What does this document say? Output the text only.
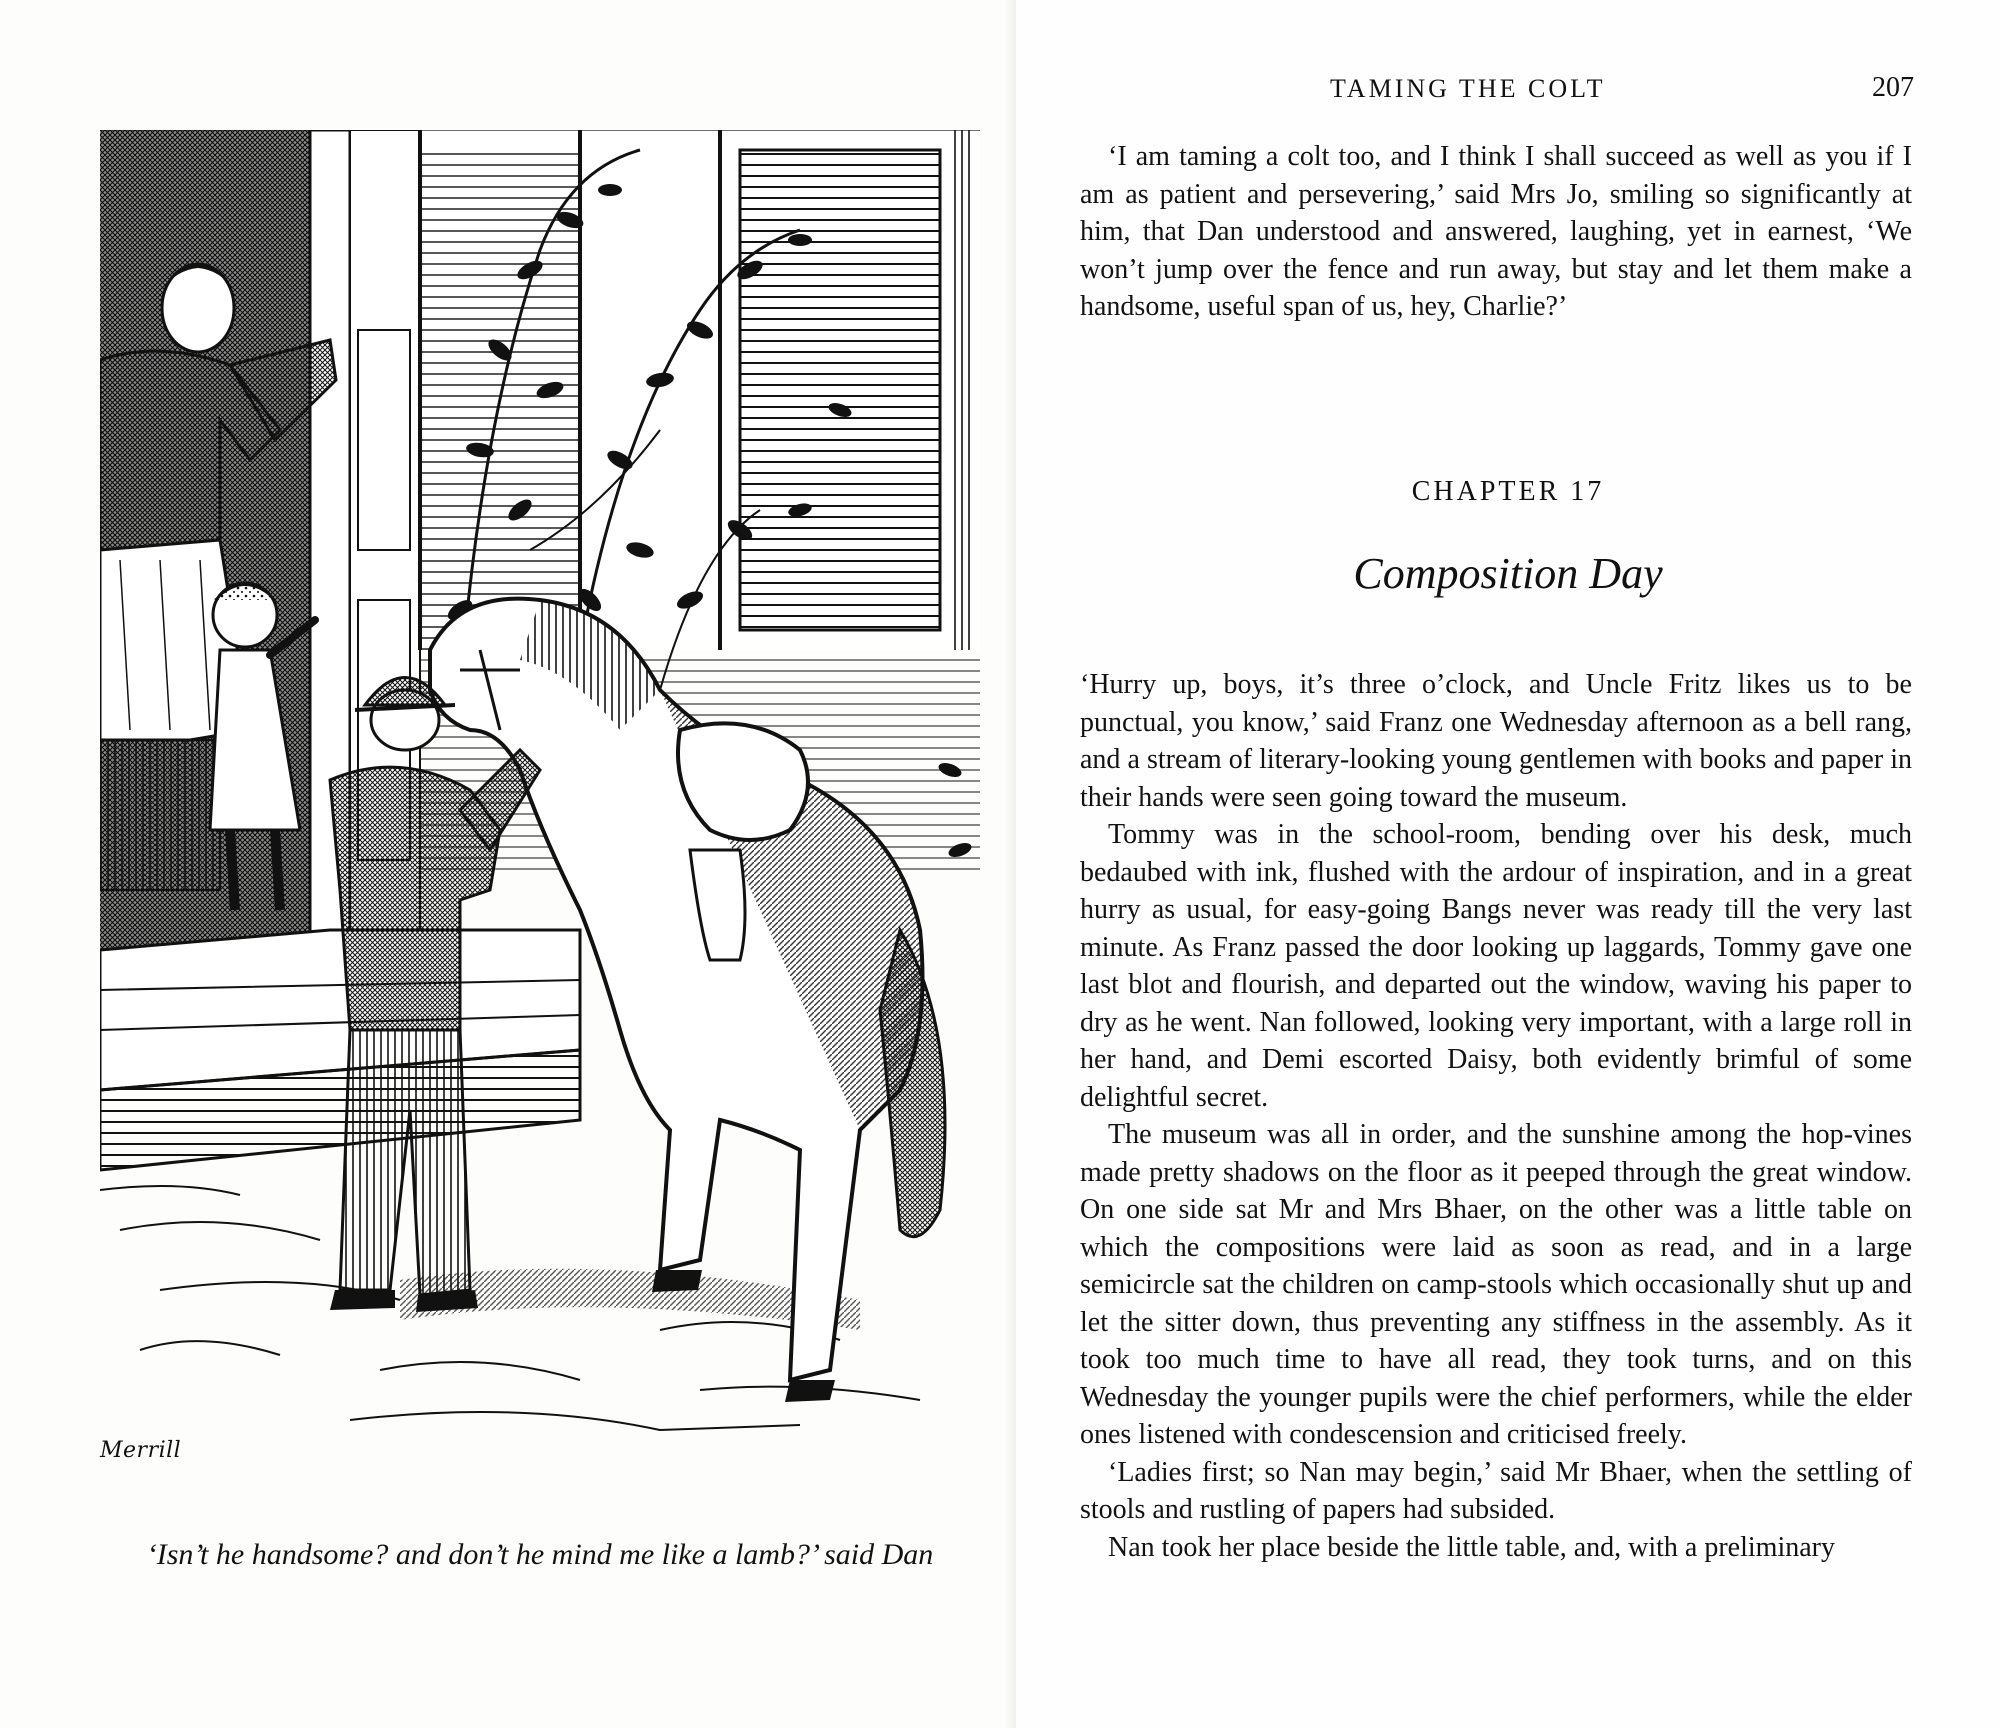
Merrill
‘Isn’t he handsome? and don’t he mind me like a lamb?’ said Dan
TAMING THE COLT	207

‘I am taming a colt too, and I think I shall succeed as well as you if I am as patient and persevering,’ said Mrs Jo, smiling so significantly at him, that Dan understood and answered, laughing, yet in earnest, ‘We won’t jump over the fence and run away, but stay and let them make a handsome, useful span of us, hey, Charlie?’

CHAPTER 17
Composition Day

‘Hurry up, boys, it’s three o’clock, and Uncle Fritz likes us to be punctual, you know,’ said Franz one Wednesday afternoon as a bell rang, and a stream of literary-looking young gentlemen with books and paper in their hands were seen going toward the museum.

Tommy was in the school-room, bending over his desk, much bedaubed with ink, flushed with the ardour of inspiration, and in a great hurry as usual, for easy-going Bangs never was ready till the very last minute. As Franz passed the door looking up laggards, Tommy gave one last blot and flourish, and departed out the window, waving his paper to dry as he went. Nan followed, looking very important, with a large roll in her hand, and Demi escorted Daisy, both evidently brimful of some delightful secret.

The museum was all in order, and the sunshine among the hop-vines made pretty shadows on the floor as it peeped through the great window. On one side sat Mr and Mrs Bhaer, on the other was a little table on which the compositions were laid as soon as read, and in a large semicircle sat the children on camp-stools which occasionally shut up and let the sitter down, thus preventing any stiffness in the assembly. As it took too much time to have all read, they took turns, and on this Wednesday the younger pupils were the chief performers, while the elder ones listened with condescension and criticised freely.

‘Ladies first; so Nan may begin,’ said Mr Bhaer, when the settling of stools and rustling of papers had subsided.

Nan took her place beside the little table, and, with a preliminary
